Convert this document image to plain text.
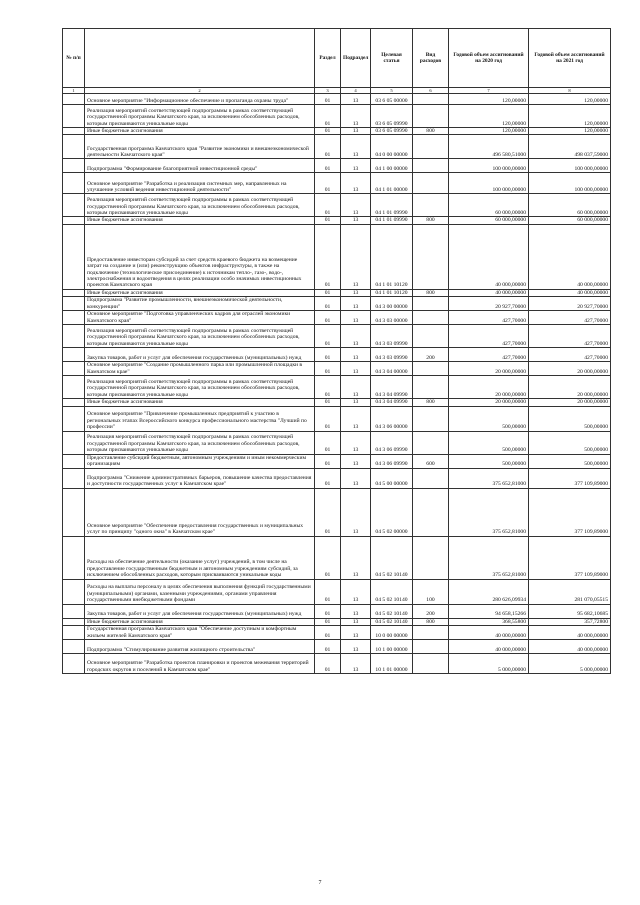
№ п/п		Раздел	Подраздел	Целевая статья	Вид расходов	Годовой объем ассигнований на 2020 год	Годовой объем ассигнований на 2021 год
1	2	3	4	5	6	7	8
	Основное мероприятие "Информационное обеспечение и пропаганда охраны труда"	01	13	03 6 05 00000		120,00000	120,00000
	Реализация мероприятий соответствующей подпрограммы в рамках соответствующей государственной программы Камчатского края, за исключением обособленных расходов, которым присваиваются уникальные коды	01	13	03 6 05 09990		120,00000	120,00000
	Иные бюджетные ассигнования	01	13	03 6 05 09990	800	120,00000	120,00000
	Государственная программа Камчатского края "Развитие экономики и внешнеэкономической деятельности Камчатского края"	01	13	04 0 00 00000		496 580,51000	498 037,59000
	Подпрограмма "Формирование благоприятной инвестиционной среды"	01	13	04 1 00 00000		100 000,00000	100 000,00000
	Основное мероприятие "Разработка и реализация системных мер, направленных на улучшение условий ведения инвестиционной деятельности"	01	13	04 1 01 00000		100 000,00000	100 000,00000
	Реализация мероприятий соответствующей подпрограммы в рамках соответствующей государственной программы Камчатского края, за исключением обособленных расходов, которым присваиваются уникальные коды	01	13	04 1 01 09990		60 000,00000	60 000,00000
	Иные бюджетные ассигнования	01	13	04 1 01 09990	800	60 000,00000	60 000,00000
	Предоставление инвесторам субсидий за счет средств краевого бюджета на возмещение затрат на создание и (или) реконструкцию объектов инфраструктуры, в также на подключение (технологическое присоединение) к источникам тепло-, газо-, водо-, электроснабжения и водоотведения в целях реализации особо значимых инвестиционных проектов Камчатского края	01	13	04 1 01 10120		40 000,00000	40 000,00000
	Иные бюджетные ассигнования	01	13	04 1 01 10120	800	40 000,00000	40 000,00000
	Подпрограмма "Развитие промышленности, внешнеэкономической деятельности, конкуренции"	01	13	04 3 00 00000		20 927,70000	20 927,70000
	Основное мероприятие "Подготовка управленческих кадров для отраслей экономики Камчатского края"	01	13	04 3 03 00000		427,70000	427,70000
	Реализация мероприятий соответствующей подпрограммы в рамках соответствующей государственной программы Камчатского края, за исключением обособленных расходов, которым присваиваются уникальные коды	01	13	04 3 03 09990		427,70000	427,70000
	Закупка товаров, работ и услуг для обеспечения государственных (муниципальных) нужд	01	13	04 3 03 09990	200	427,70000	427,70000
	Основное мероприятие "Создание промышленного парка или промышленной площадки в Камчатском крае"	01	13	04 3 04 00000		20 000,00000	20 000,00000
	Реализация мероприятий соответствующей подпрограммы в рамках соответствующей государственной программы Камчатского края, за исключением обособленных расходов, которым присваиваются уникальные коды	01	13	04 3 04 09990		20 000,00000	20 000,00000
	Иные бюджетные ассигнования	01	13	04 3 04 09990	800	20 000,00000	20 000,00000
	Основное мероприятие "Привлечение промышленных предприятий к участию в региональных этапах Всероссийского конкурса профессионального мастерства "Лучший по профессии"	01	13	04 3 06 00000		500,00000	500,00000
	Реализация мероприятий соответствующей подпрограммы в рамках соответствующей государственной программы Камчатского края, за исключением обособленных расходов, которым присваиваются уникальные коды	01	13	04 3 06 09990		500,00000	500,00000
	Предоставление субсидий бюджетным, автономным учреждениям и иным некоммерческим организациям	01	13	04 3 06 09990	600	500,00000	500,00000
	Подпрограмма "Снижение административных барьеров, повышение качества предоставления и доступности государственных услуг в Камчатском крае"	01	13	04 5 00 00000		375 652,81000	377 109,89000
	Основное мероприятие "Обеспечение предоставления государственных и муниципальных услуг по принципу "одного окна" в Камчатском крае"	01	13	04 5 02 00000		375 652,81000	377 109,89000
	Расходы на обеспечение деятельности (оказание услуг) учреждений, в том числе на предоставление государственным бюджетным и автономным учреждениям субсидий, за исключением обособленных расходов, которым присваиваются уникальные коды	01	13	04 5 02 10140		375 652,81000	377 109,89000
	Расходы на выплаты персоналу в целях обеспечения выполнения функций государственными (муниципальными) органами, казенными учреждениями, органами управления государственными внебюджетными фондами	01	13	04 5 02 10140	100	280 626,09934	281 070,05515
	Закупка товаров, работ и услуг для обеспечения государственных (муниципальных) нужд	01	13	04 5 02 10140	200	94 658,15266	95 682,10685
	Иные бюджетные ассигнования	01	13	04 5 02 10140	800	368,55800	357,72800
	Государственная программа Камчатского края "Обеспечение доступным и комфортным жильем жителей Камчатского края"	01	13	10 0 00 00000		40 000,00000	40 000,00000
	Подпрограмма "Стимулирование развития жилищного строительства"	01	13	10 1 00 00000		40 000,00000	40 000,00000
	Основное мероприятие "Разработка проектов планировки и проектов межевания территорий городских округов и поселений в Камчатском крае"	01	13	10 1 01 00000		5 000,00000	5 000,00000
7
